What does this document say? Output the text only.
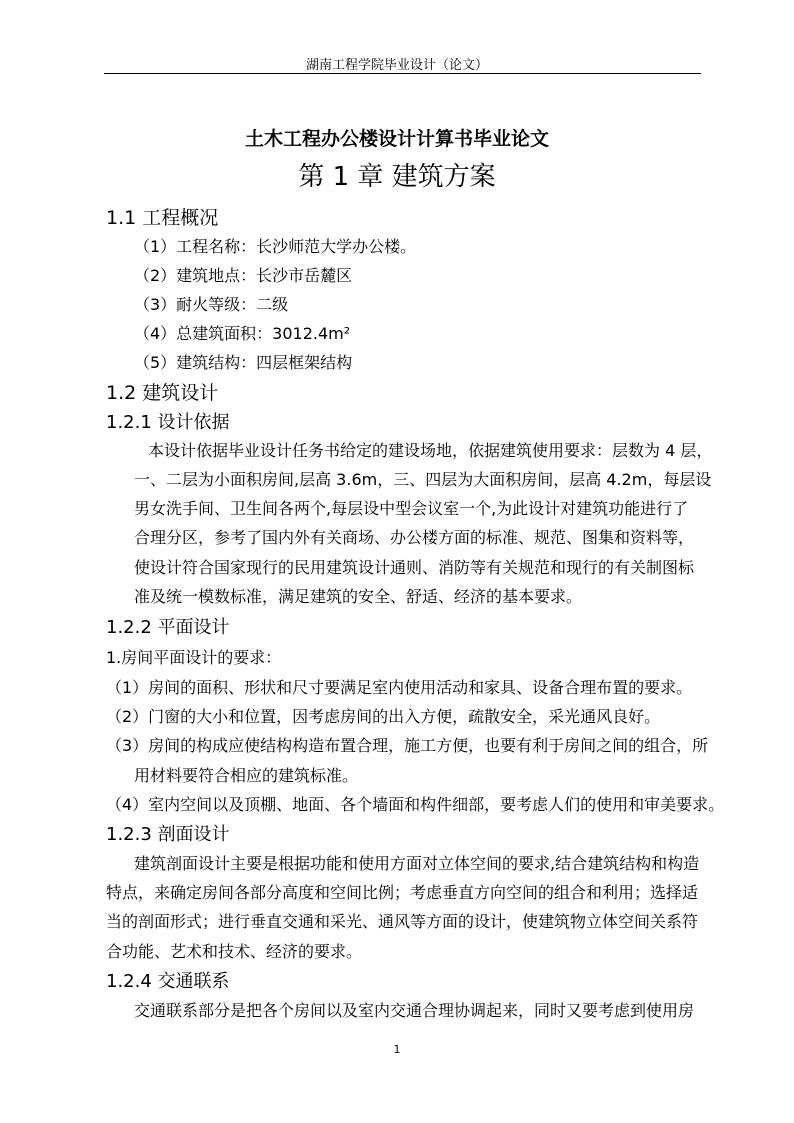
湖南工程学院毕业设计（论文）
土木工程办公楼设计计算书毕业论文
第 1 章 建筑方案
1.1 工程概况
（1）工程名称：长沙师范大学办公楼。
（2）建筑地点：长沙市岳麓区
（3）耐火等级：二级
（4）总建筑面积：3012.4m²
（5）建筑结构：四层框架结构
1.2 建筑设计
1.2.1 设计依据
本设计依据毕业设计任务书给定的建设场地，依据建筑使用要求：层数为 4 层，
一、二层为小面积房间,层高 3.6m，三、四层为大面积房间，层高 4.2m，每层设
男女洗手间、卫生间各两个,每层设中型会议室一个,为此设计对建筑功能进行了
合理分区，参考了国内外有关商场、办公楼方面的标准、规范、图集和资料等，
使设计符合国家现行的民用建筑设计通则、消防等有关规范和现行的有关制图标
准及统一模数标准，满足建筑的安全、舒适、经济的基本要求。
1.2.2 平面设计
1.房间平面设计的要求：
（1）房间的面积、形状和尺寸要满足室内使用活动和家具、设备合理布置的要求。
（2）门窗的大小和位置，因考虑房间的出入方便，疏散安全，采光通风良好。
（3）房间的构成应使结构构造布置合理，施工方便，也要有利于房间之间的组合，所
用材料要符合相应的建筑标准。
（4）室内空间以及顶棚、地面、各个墙面和构件细部，要考虑人们的使用和审美要求。
1.2.3 剖面设计
建筑剖面设计主要是根据功能和使用方面对立体空间的要求,结合建筑结构和构造
特点，来确定房间各部分高度和空间比例；考虑垂直方向空间的组合和利用；选择适
当的剖面形式；进行垂直交通和采光、通风等方面的设计，使建筑物立体空间关系符
合功能、艺术和技术、经济的要求。
1.2.4 交通联系
交通联系部分是把各个房间以及室内交通合理协调起来，同时又要考虑到使用房
1
